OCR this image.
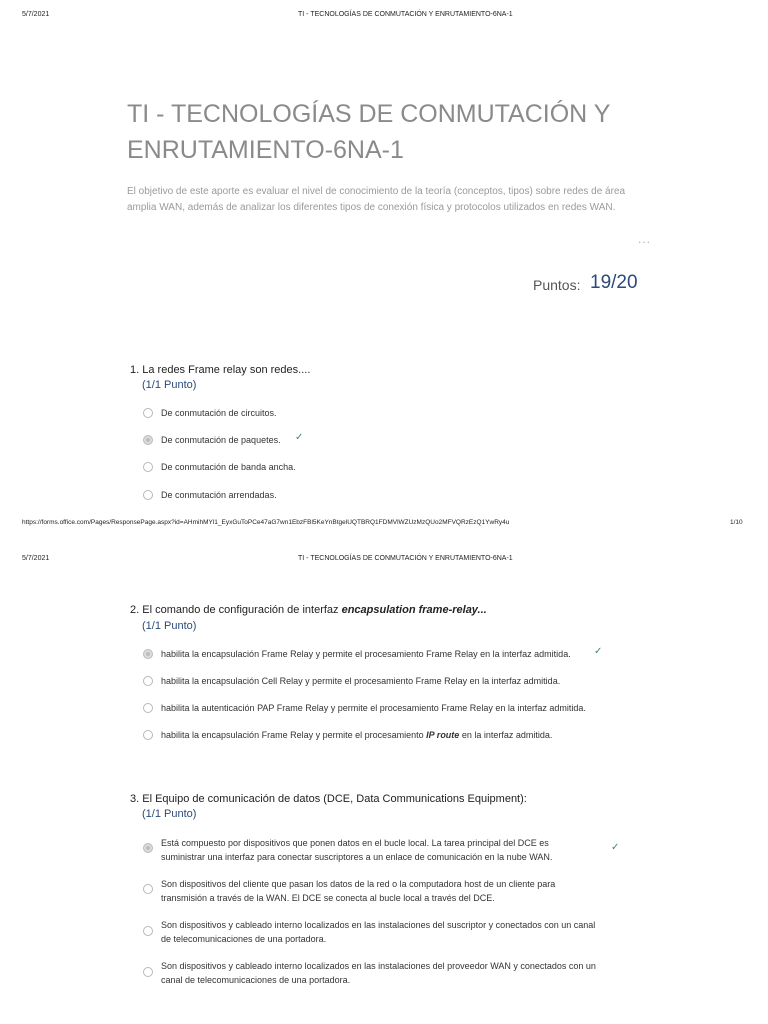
5/7/2021	TI - TECNOLOGÍAS DE CONMUTACIÓN Y ENRUTAMIENTO-6NA-1
TI - TECNOLOGÍAS DE CONMUTACIÓN Y ENRUTAMIENTO-6NA-1
El objetivo de este aporte es evaluar el nivel de conocimiento de la teoría (conceptos, tipos) sobre redes de área amplia WAN, además de analizar los diferentes tipos de conexión física y protocolos utilizados en redes WAN.
...
Puntos: 19/20
1. La redes Frame relay son redes....
(1/1 Punto)
De conmutación de circuitos.
De conmutación de paquetes. ✓
De conmutación de banda ancha.
De conmutación arrendadas.
https://forms.office.com/Pages/ResponsePage.aspx?id=AHmihMYl1_EyxGuToPCe47aG7wn1EbzFBl5KeYnBtgelUQTBRQ1FDMVlWZUzMzQUo2MFVQRzEzQ1YwRy4u	1/10
5/7/2021	TI - TECNOLOGÍAS DE CONMUTACIÓN Y ENRUTAMIENTO-6NA-1
2. El comando de configuración de interfaz encapsulation frame-relay...
(1/1 Punto)
habilita la encapsulación Frame Relay y permite el procesamiento Frame Relay en la interfaz admitida. ✓
habilita la encapsulación Cell Relay y permite el procesamiento Frame Relay en la interfaz admitida.
habilita la autenticación PAP Frame Relay y permite el procesamiento Frame Relay en la interfaz admitida.
habilita la encapsulación Frame Relay y permite el procesamiento IP route en la interfaz admitida.
3. El Equipo de comunicación de datos (DCE, Data Communications Equipment):
(1/1 Punto)
Está compuesto por dispositivos que ponen datos en el bucle local. La tarea principal del DCE es
suministrar una interfaz para conectar suscriptores a un enlace de comunicación en la nube WAN.
✓
Son dispositivos del cliente que pasan los datos de la red o la computadora host de un cliente para
transmisión a través de la WAN. El DCE se conecta al bucle local a través del DCE.
Son dispositivos y cableado interno localizados en las instalaciones del suscriptor y conectados con un canal
de telecomunicaciones de una portadora.
Son dispositivos y cableado interno localizados en las instalaciones del proveedor WAN y conectados con un
canal de telecomunicaciones de una portadora.
